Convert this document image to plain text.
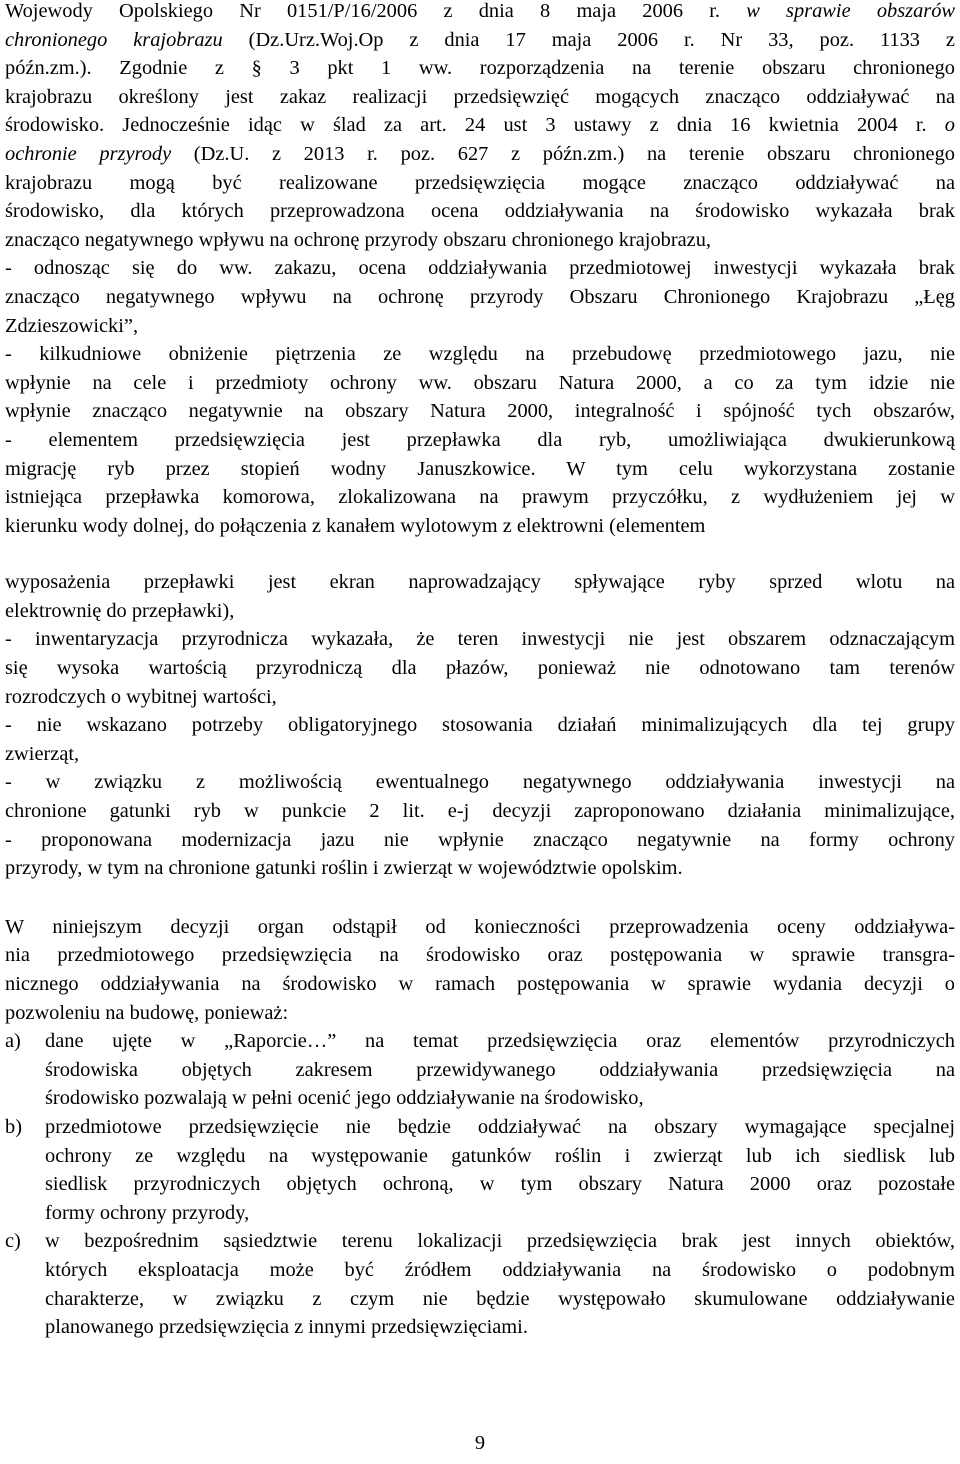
Wojewody Opolskiego Nr 0151/P/16/2006 z dnia 8 maja 2006 r. w sprawie obszarów
chronionego krajobrazu (Dz.Urz.Woj.Op z dnia 17 maja 2006 r. Nr 33, poz. 1133 z
późn.zm.). Zgodnie z § 3 pkt 1 ww. rozporządzenia na terenie obszaru chronionego
krajobrazu określony jest zakaz realizacji przedsięwzięć mogących znacząco oddziaływać na
środowisko. Jednocześnie idąc w ślad za art. 24 ust 3 ustawy z dnia 16 kwietnia 2004 r. o
ochronie przyrody (Dz.U. z 2013 r. poz. 627 z późn.zm.) na terenie obszaru chronionego
krajobrazu mogą być realizowane przedsięwzięcia mogące znacząco oddziaływać na
środowisko, dla których przeprowadzona ocena oddziaływania na środowisko wykazała brak
znacząco negatywnego wpływu na ochronę przyrody obszaru chronionego krajobrazu,
- odnosząc się do ww. zakazu, ocena oddziaływania przedmiotowej inwestycji wykazała brak
znacząco negatywnego wpływu na ochronę przyrody Obszaru Chronionego Krajobrazu „Łęg
Zdzieszowicki”,
- kilkudniowe obniżenie piętrzenia ze względu na przebudowę przedmiotowego jazu, nie
wpłynie na cele i przedmioty ochrony ww. obszaru Natura 2000, a co za tym idzie nie
wpłynie znacząco negatywnie na obszary Natura 2000, integralność i spójność tych obszarów,
- elementem przedsięwzięcia jest przepławka dla ryb, umożliwiająca dwukierunkową
migrację ryb przez stopień wodny Januszkowice. W tym celu wykorzystana zostanie
istniejąca przepławka komorowa, zlokalizowana na prawym przyczółku, z wydłużeniem jej w
kierunku wody dolnej, do połączenia z kanałem wylotowym z elektrowni (elementem
wyposażenia przepławki jest ekran naprowadzający spływające ryby sprzed wlotu na
elektrownię do przepławki),
- inwentaryzacja przyrodnicza wykazała, że teren inwestycji nie jest obszarem odznaczającym
się wysoka wartością przyrodniczą dla płazów, ponieważ nie odnotowano tam terenów
rozrodczych o wybitnej wartości,
- nie wskazano potrzeby obligatoryjnego stosowania działań minimalizujących dla tej grupy
zwierząt,
- w związku z możliwością ewentualnego negatywnego oddziaływania inwestycji na
chronione gatunki ryb w punkcie 2 lit. e-j decyzji zaproponowano działania minimalizujące,
- proponowana modernizacja jazu nie wpłynie znacząco negatywnie na formy ochrony
przyrody, w tym na chronione gatunki roślin i zwierząt w województwie opolskim.
W niniejszym decyzji organ odstąpił od konieczności przeprowadzenia oceny oddziaływa-
nia przedmiotowego przedsięwzięcia na środowisko oraz postępowania w sprawie transgra-
nicznego oddziaływania na środowisko w ramach postępowania w sprawie wydania decyzji o
pozwoleniu na budowę, ponieważ:
a) dane ujęte w „Raporcie…” na temat przedsięwzięcia oraz elementów przyrodniczych
środowiska objętych zakresem przewidywanego oddziaływania przedsięwzięcia na
środowisko pozwalają w pełni ocenić jego oddziaływanie na środowisko,
b) przedmiotowe przedsięwzięcie nie będzie oddziaływać na obszary wymagające specjalnej
ochrony ze względu na występowanie gatunków roślin i zwierząt lub ich siedlisk lub
siedlisk przyrodniczych objętych ochroną, w tym obszary Natura 2000 oraz pozostałe
formy ochrony przyrody,
c) w bezpośrednim sąsiedztwie terenu lokalizacji przedsięwzięcia brak jest innych obiektów,
których eksploatacja może być źródłem oddziaływania na środowisko o podobnym
charakterze, w związku z czym nie będzie występowało skumulowane oddziaływanie
planowanego przedsięwzięcia z innymi przedsięwzięciami.
9
